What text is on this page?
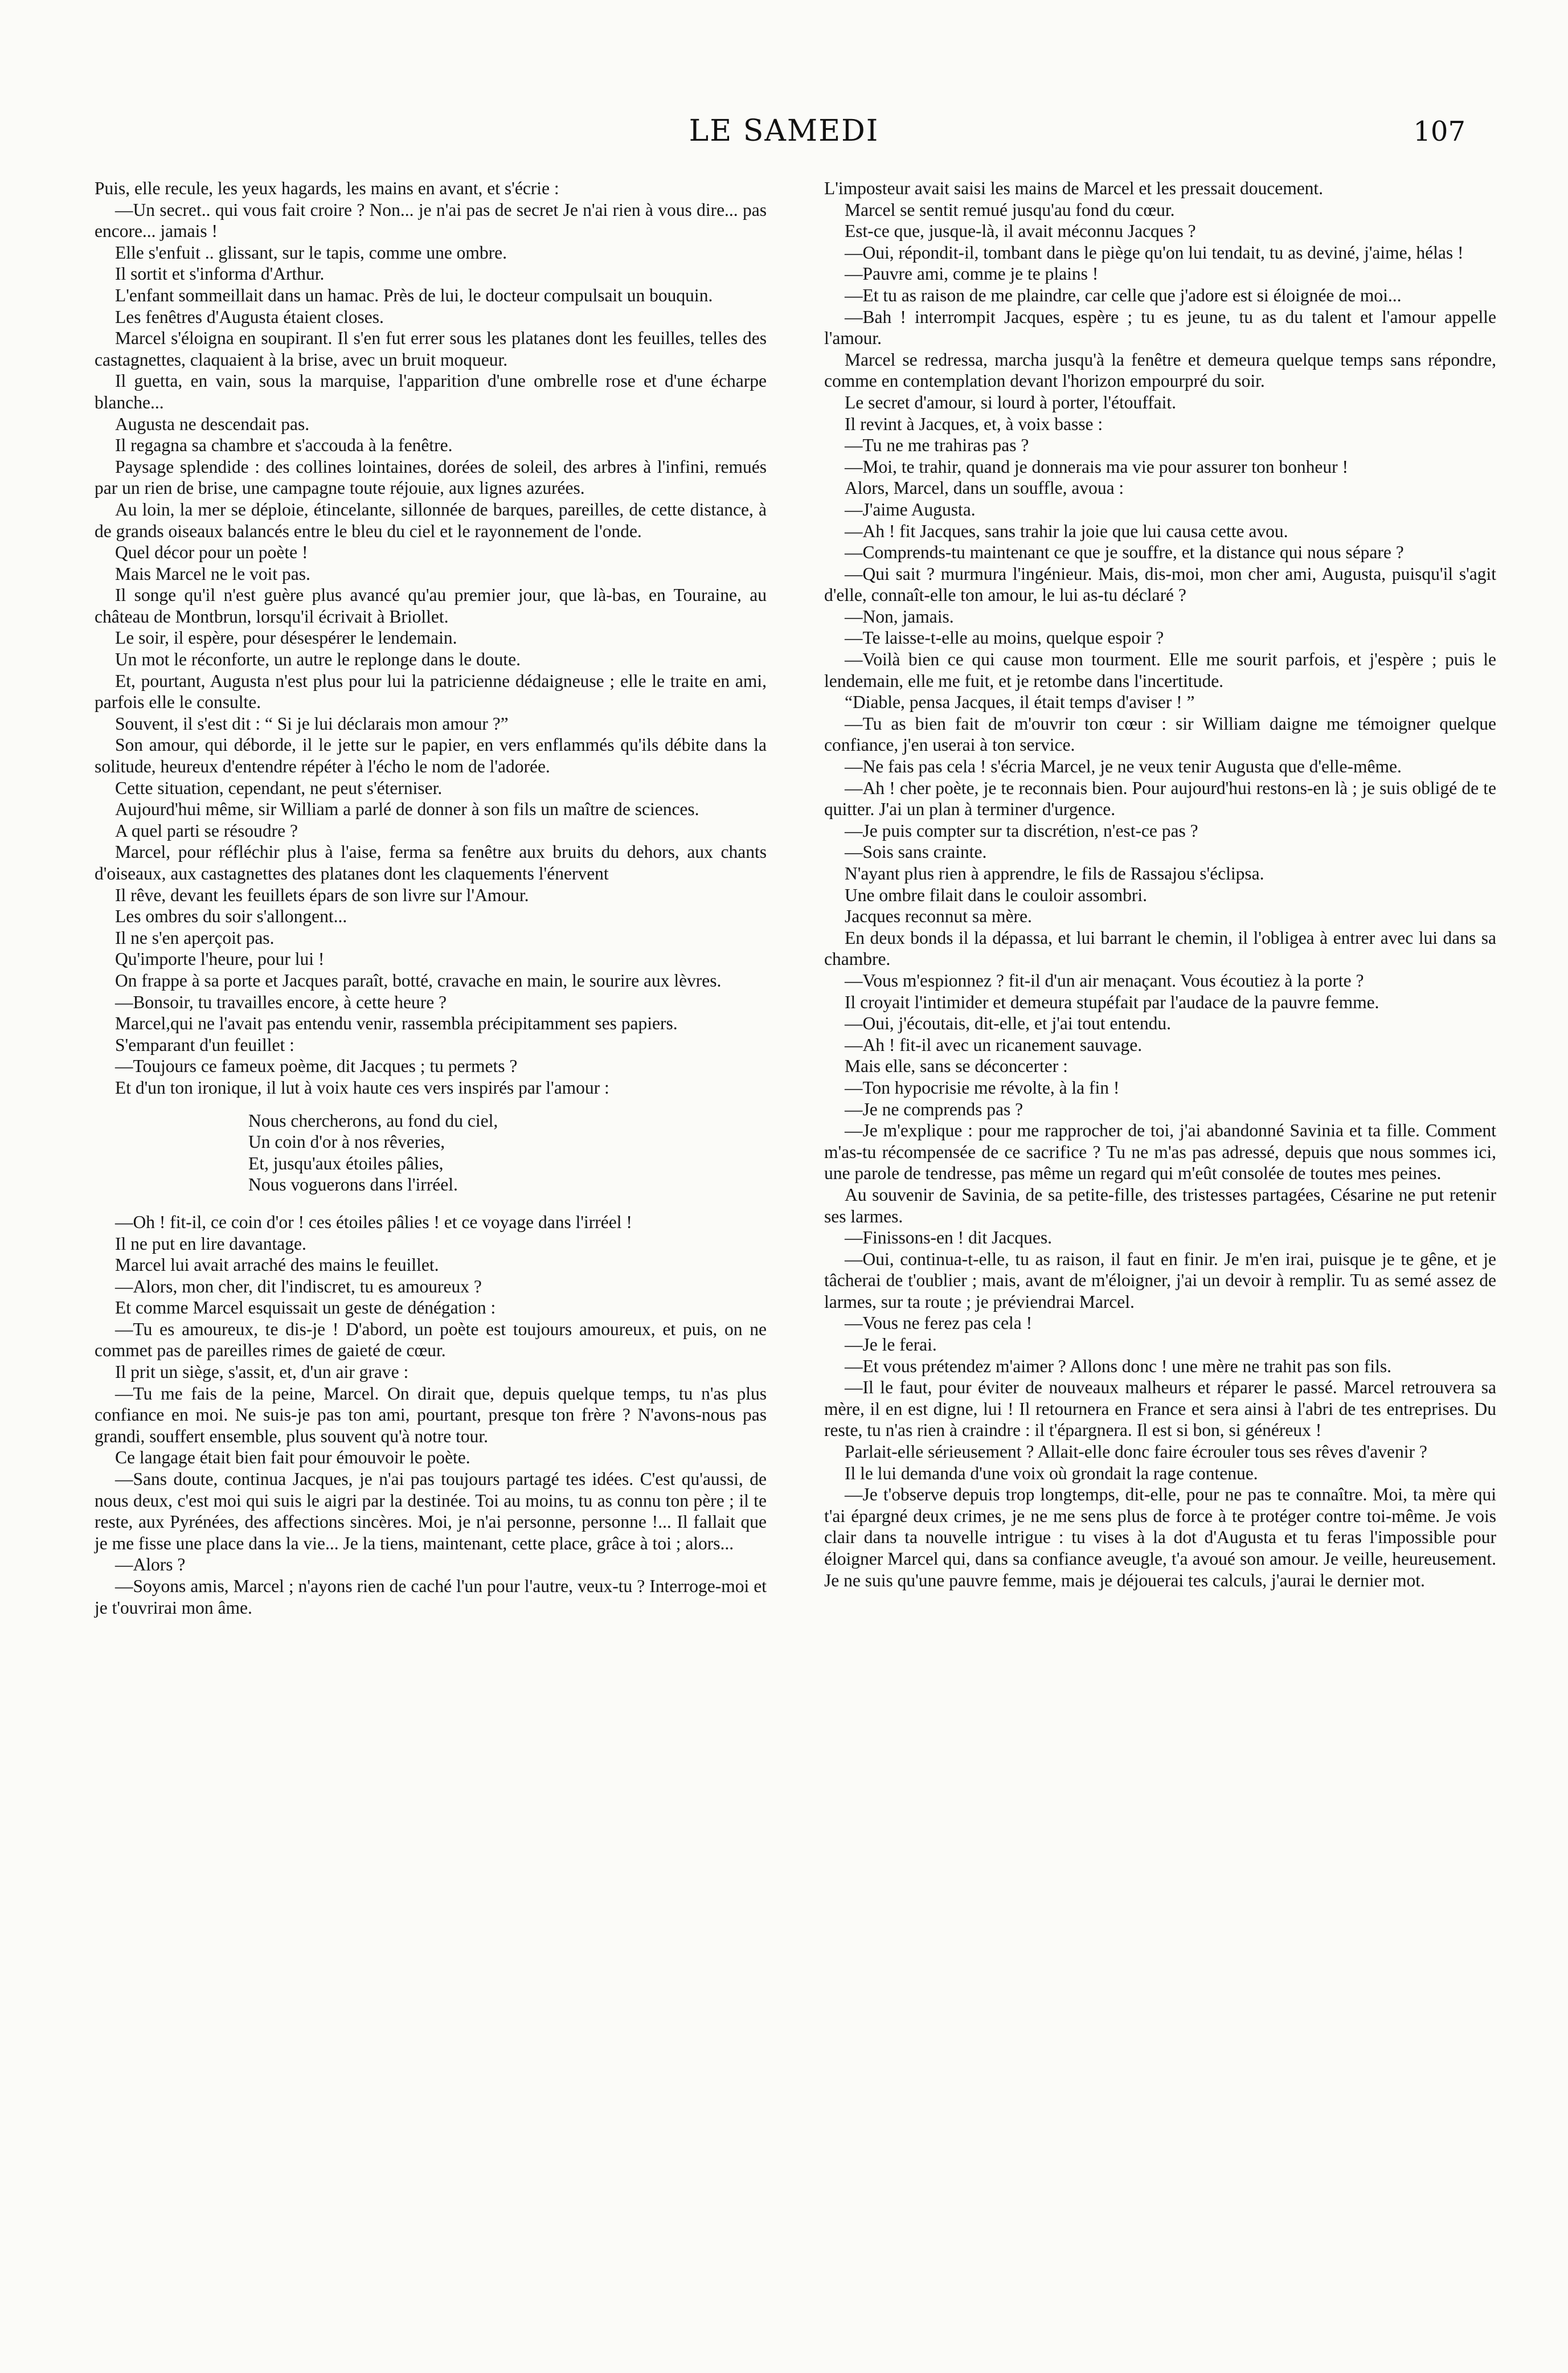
LE SAMEDI	107

Puis, elle recule, les yeux hagards, les mains en avant, et s'écrie :

—Un secret.. qui vous fait croire ? Non... je n'ai pas de secret Je n'ai rien à vous dire... pas encore... jamais !

Elle s'enfuit .. glissant, sur le tapis, comme une ombre.

Il sortit et s'informa d'Arthur.

L'enfant sommeillait dans un hamac. Près de lui, le docteur compulsait un bouquin.

Les fenêtres d'Augusta étaient closes.

Marcel s'éloigna en soupirant. Il s'en fut errer sous les platanes dont les feuilles, telles des castagnettes, claquaient à la brise, avec un bruit moqueur.

Il guetta, en vain, sous la marquise, l'apparition d'une ombrelle rose et d'une écharpe blanche...

Augusta ne descendait pas.

Il regagna sa chambre et s'accouda à la fenêtre.

Paysage splendide : des collines lointaines, dorées de soleil, des arbres à l'infini, remués par un rien de brise, une campagne toute réjouie, aux lignes azurées.

Au loin, la mer se déploie, étincelante, sillonnée de barques, pareilles, de cette distance, à de grands oiseaux balancés entre le bleu du ciel et le rayonnement de l'onde.

Quel décor pour un poète !

Mais Marcel ne le voit pas.

Il songe qu'il n'est guère plus avancé qu'au premier jour, que là-bas, en Touraine, au château de Montbrun, lorsqu'il écrivait à Briollet.

Le soir, il espère, pour désespérer le lendemain.

Un mot le réconforte, un autre le replonge dans le doute.

Et, pourtant, Augusta n'est plus pour lui la patricienne dédaigneuse ; elle le traite en ami, parfois elle le consulte.

Souvent, il s'est dit : “ Si je lui déclarais mon amour ?”

Son amour, qui déborde, il le jette sur le papier, en vers enflammés qu'ils débite dans la solitude, heureux d'entendre répéter à l'écho le nom de l'adorée.

Cette situation, cependant, ne peut s'éterniser.

Aujourd'hui même, sir William a parlé de donner à son fils un maître de sciences.

A quel parti se résoudre ?

Marcel, pour réfléchir plus à l'aise, ferma sa fenêtre aux bruits du dehors, aux chants d'oiseaux, aux castagnettes des platanes dont les claquements l'énervent

Il rêve, devant les feuillets épars de son livre sur l'Amour.

Les ombres du soir s'allongent...

Il ne s'en aperçoit pas.

Qu'importe l'heure, pour lui !

On frappe à sa porte et Jacques paraît, botté, cravache en main, le sourire aux lèvres.

—Bonsoir, tu travailles encore, à cette heure ?

Marcel,qui ne l'avait pas entendu venir, rassembla précipitamment ses papiers.

S'emparant d'un feuillet :

—Toujours ce fameux poème, dit Jacques ; tu permets ?

Et d'un ton ironique, il lut à voix haute ces vers inspirés par l'amour :

Nous chercherons, au fond du ciel,
Un coin d'or à nos rêveries,
Et, jusqu'aux étoiles pâlies,
Nous voguerons dans l'irréel.

—Oh ! fit-il, ce coin d'or ! ces étoiles pâlies ! et ce voyage dans l'irréel !

Il ne put en lire davantage.

Marcel lui avait arraché des mains le feuillet.

—Alors, mon cher, dit l'indiscret, tu es amoureux ?

Et comme Marcel esquissait un geste de dénégation :

—Tu es amoureux, te dis-je ! D'abord, un poète est toujours amoureux, et puis, on ne commet pas de pareilles rimes de gaieté de cœur.

Il prit un siège, s'assit, et, d'un air grave :

—Tu me fais de la peine, Marcel. On dirait que, depuis quelque temps, tu n'as plus confiance en moi. Ne suis-je pas ton ami, pourtant, presque ton frère ? N'avons-nous pas grandi, souffert ensemble, plus souvent qu'à notre tour.

Ce langage était bien fait pour émouvoir le poète.

—Sans doute, continua Jacques, je n'ai pas toujours partagé tes idées. C'est qu'aussi, de nous deux, c'est moi qui suis le aigri par la destinée. Toi au moins, tu as connu ton père ; il te reste, aux Pyrénées, des affections sincères. Moi, je n'ai personne, personne !... Il fallait que je me fisse une place dans la vie... Je la tiens, maintenant, cette place, grâce à toi ; alors...

—Alors ?

—Soyons amis, Marcel ; n'ayons rien de caché l'un pour l'autre, veux-tu ? Interroge-moi et je t'ouvrirai mon âme.

L'imposteur avait saisi les mains de Marcel et les pressait doucement.

Marcel se sentit remué jusqu'au fond du cœur.

Est-ce que, jusque-là, il avait méconnu Jacques ?

—Oui, répondit-il, tombant dans le piège qu'on lui tendait, tu as deviné, j'aime, hélas !

—Pauvre ami, comme je te plains !

—Et tu as raison de me plaindre, car celle que j'adore est si éloignée de moi...

—Bah ! interrompit Jacques, espère ; tu es jeune, tu as du talent et l'amour appelle l'amour.

Marcel se redressa, marcha jusqu'à la fenêtre et demeura quelque temps sans répondre, comme en contemplation devant l'horizon empourpré du soir.

Le secret d'amour, si lourd à porter, l'étouffait.

Il revint à Jacques, et, à voix basse :

—Tu ne me trahiras pas ?

—Moi, te trahir, quand je donnerais ma vie pour assurer ton bonheur !

Alors, Marcel, dans un souffle, avoua :

—J'aime Augusta.

—Ah ! fit Jacques, sans trahir la joie que lui causa cette avou.

—Comprends-tu maintenant ce que je souffre, et la distance qui nous sépare ?

—Qui sait ? murmura l'ingénieur. Mais, dis-moi, mon cher ami, Augusta, puisqu'il s'agit d'elle, connaît-elle ton amour, le lui as-tu déclaré ?

—Non, jamais.

—Te laisse-t-elle au moins, quelque espoir ?

—Voilà bien ce qui cause mon tourment. Elle me sourit parfois, et j'espère ; puis le lendemain, elle me fuit, et je retombe dans l'incertitude.

“Diable, pensa Jacques, il était temps d'aviser ! ”

—Tu as bien fait de m'ouvrir ton cœur : sir William daigne me témoigner quelque confiance, j'en userai à ton service.

—Ne fais pas cela ! s'écria Marcel, je ne veux tenir Augusta que d'elle-même.

—Ah ! cher poète, je te reconnais bien. Pour aujourd'hui restons-en là ; je suis obligé de te quitter. J'ai un plan à terminer d'urgence.

—Je puis compter sur ta discrétion, n'est-ce pas ?

—Sois sans crainte.

N'ayant plus rien à apprendre, le fils de Rassajou s'éclipsa.

Une ombre filait dans le couloir assombri.

Jacques reconnut sa mère.

En deux bonds il la dépassa, et lui barrant le chemin, il l'obligea à entrer avec lui dans sa chambre.

—Vous m'espionnez ? fit-il d'un air menaçant. Vous écoutiez à la porte ?

Il croyait l'intimider et demeura stupéfait par l'audace de la pauvre femme.

—Oui, j'écoutais, dit-elle, et j'ai tout entendu.

—Ah ! fit-il avec un ricanement sauvage.

Mais elle, sans se déconcerter :

—Ton hypocrisie me révolte, à la fin !

—Je ne comprends pas ?

—Je m'explique : pour me rapprocher de toi, j'ai abandonné Savinia et ta fille. Comment m'as-tu récompensée de ce sacrifice ? Tu ne m'as pas adressé, depuis que nous sommes ici, une parole de tendresse, pas même un regard qui m'eût consolée de toutes mes peines.

Au souvenir de Savinia, de sa petite-fille, des tristesses partagées, Césarine ne put retenir ses larmes.

—Finissons-en ! dit Jacques.

—Oui, continua-t-elle, tu as raison, il faut en finir. Je m'en irai, puisque je te gêne, et je tâcherai de t'oublier ; mais, avant de m'éloigner, j'ai un devoir à remplir. Tu as semé assez de larmes, sur ta route ; je préviendrai Marcel.

—Vous ne ferez pas cela !

—Je le ferai.

—Et vous prétendez m'aimer ? Allons donc ! une mère ne trahit pas son fils.

—Il le faut, pour éviter de nouveaux malheurs et réparer le passé. Marcel retrouvera sa mère, il en est digne, lui ! Il retournera en France et sera ainsi à l'abri de tes entreprises. Du reste, tu n'as rien à craindre : il t'épargnera. Il est si bon, si généreux !

Parlait-elle sérieusement ? Allait-elle donc faire écrouler tous ses rêves d'avenir ?

Il le lui demanda d'une voix où grondait la rage contenue.

—Je t'observe depuis trop longtemps, dit-elle, pour ne pas te connaître. Moi, ta mère qui t'ai épargné deux crimes, je ne me sens plus de force à te protéger contre toi-même. Je vois clair dans ta nouvelle intrigue : tu vises à la dot d'Augusta et tu feras l'impossible pour éloigner Marcel qui, dans sa confiance aveugle, t'a avoué son amour. Je veille, heureusement. Je ne suis qu'une pauvre femme, mais je déjouerai tes calculs, j'aurai le dernier mot.
